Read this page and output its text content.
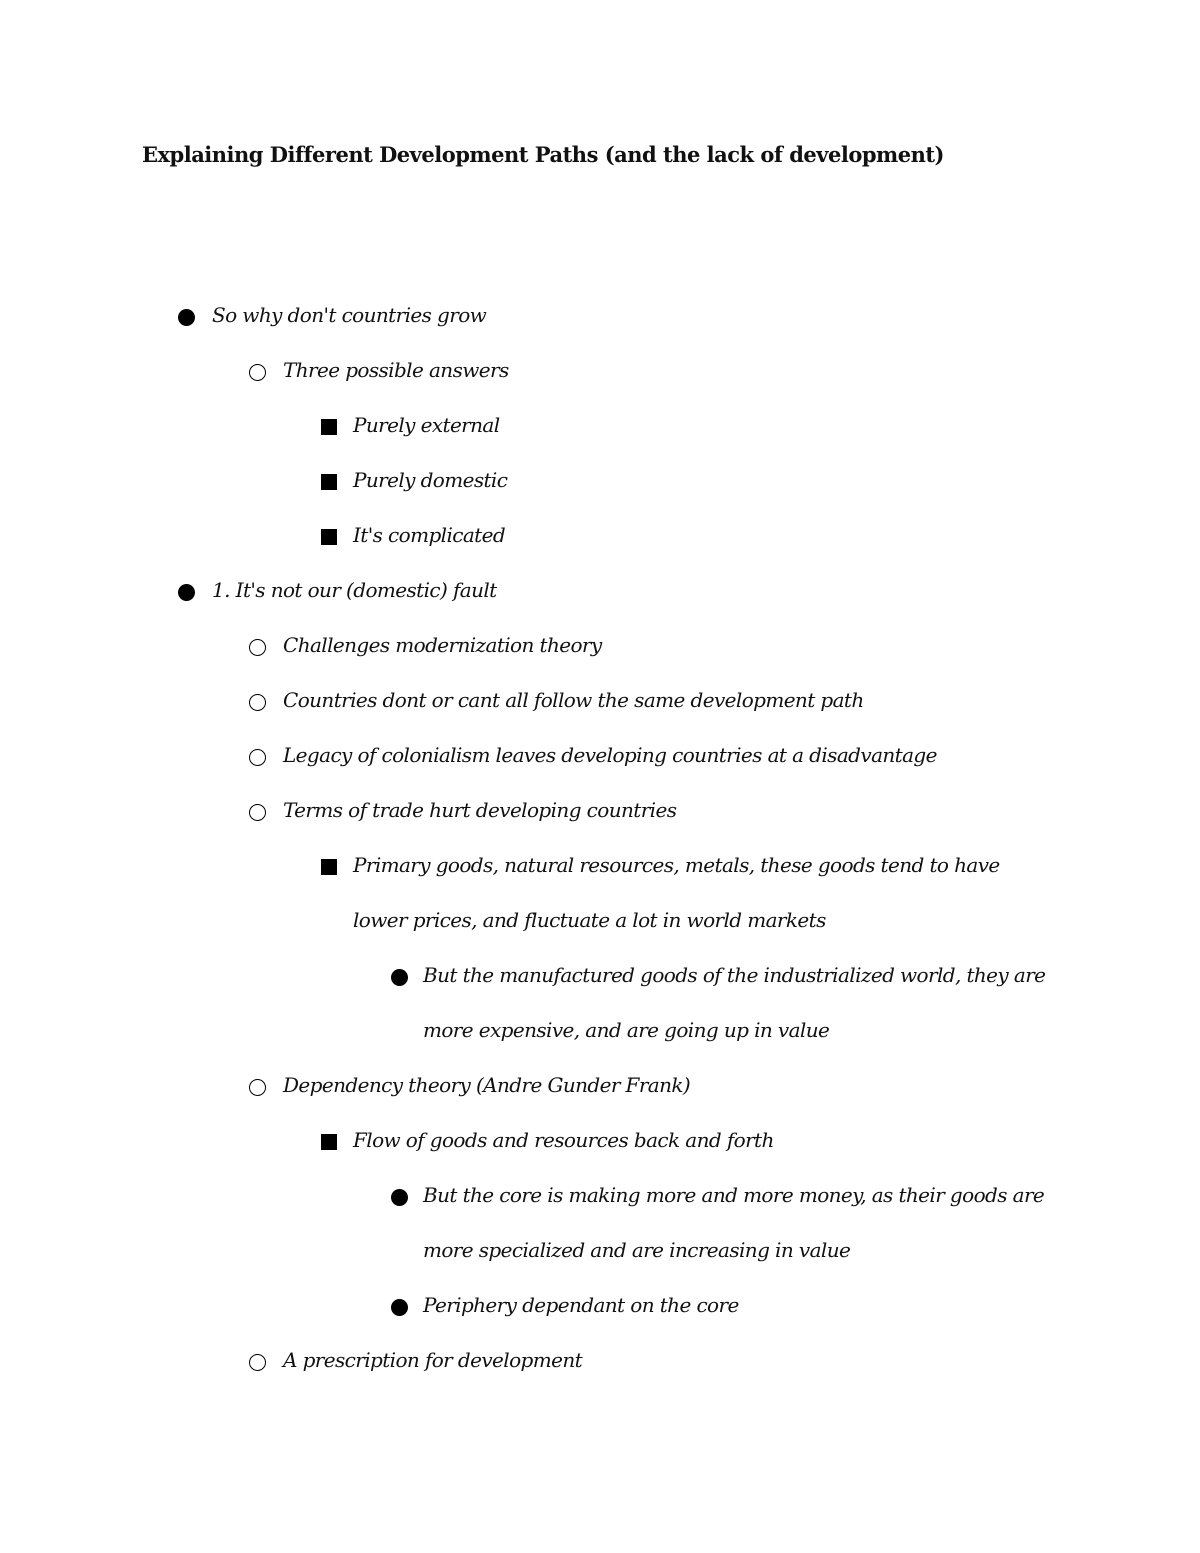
Explaining Different Development Paths (and the lack of development)
So why don't countries grow
Three possible answers
Purely external
Purely domestic
It's complicated
1. It's not our (domestic) fault
Challenges modernization theory
Countries dont or cant all follow the same development path
Legacy of colonialism leaves developing countries at a disadvantage
Terms of trade hurt developing countries
Primary goods, natural resources, metals, these goods tend to have
lower prices, and fluctuate a lot in world markets
But the manufactured goods of the industrialized world, they are
more expensive, and are going up in value
Dependency theory (Andre Gunder Frank)
Flow of goods and resources back and forth
But the core is making more and more money, as their goods are
more specialized and are increasing in value
Periphery dependant on the core
A prescription for development
